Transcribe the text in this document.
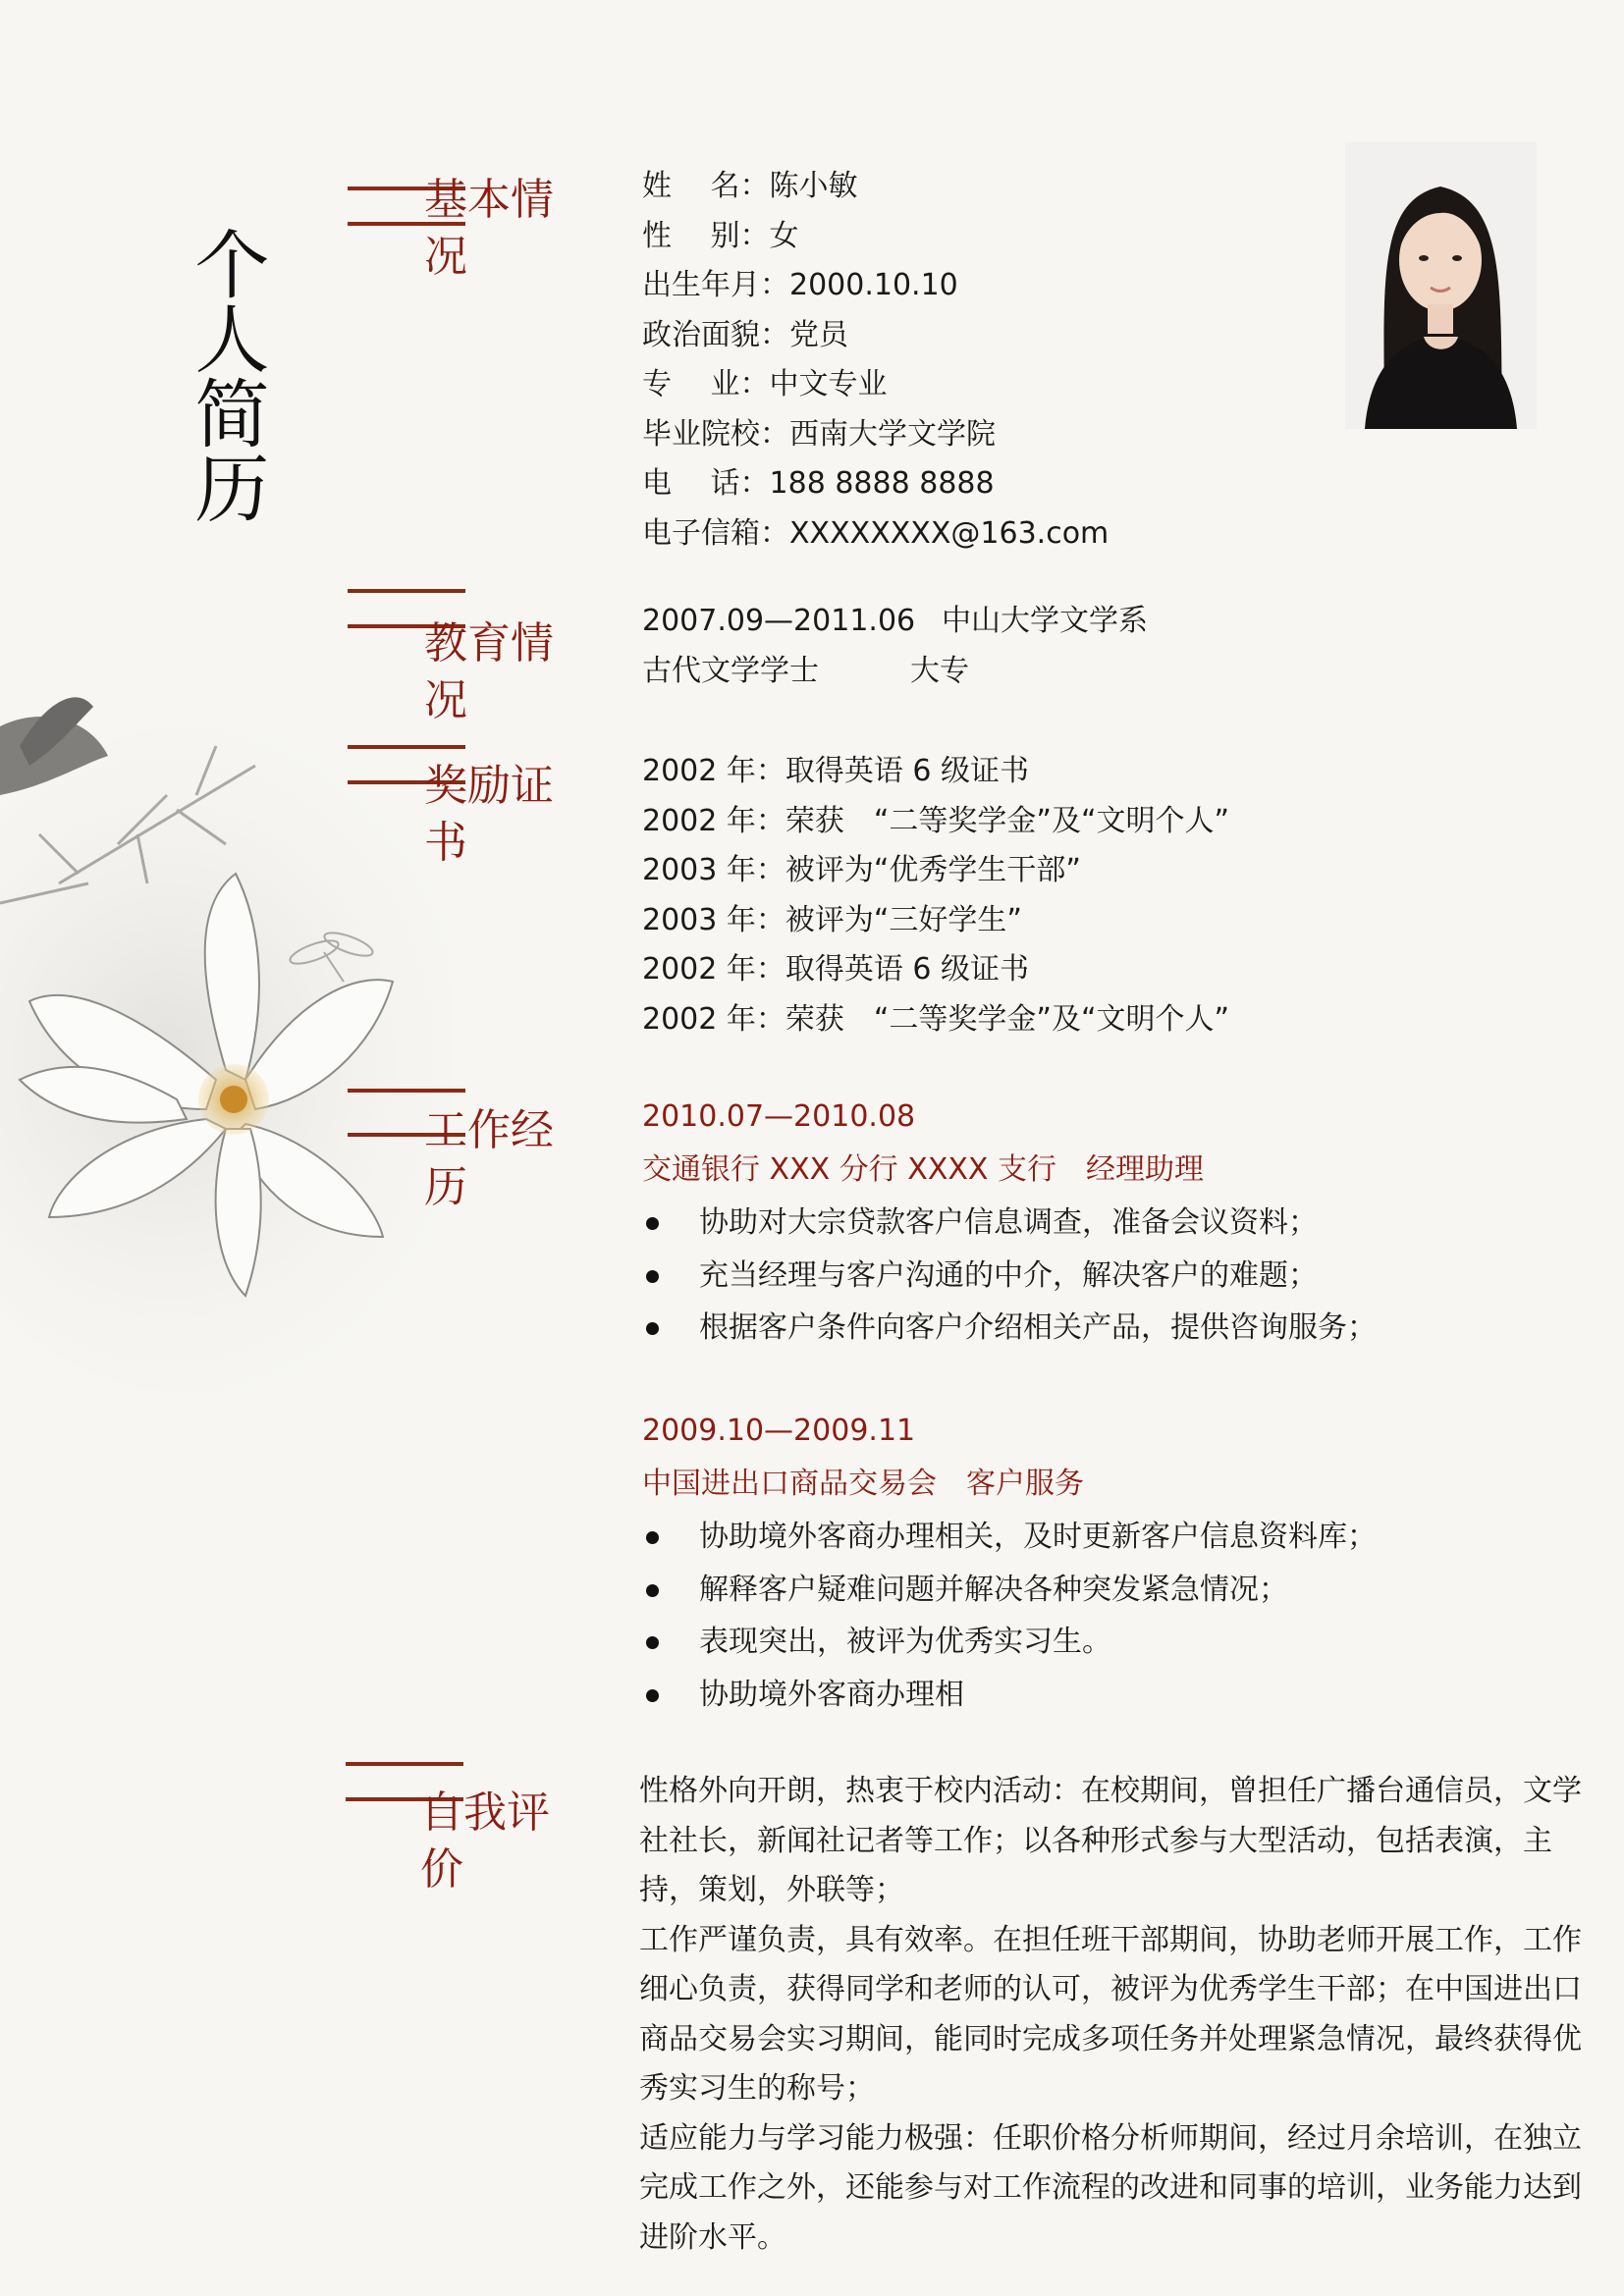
个人简历
基本情况
姓　 名：陈小敏
性　 别：女
出生年月：2000.10.10
政治面貌：党员
专　 业：中文专业
毕业院校：西南大学文学院
电　 话：188 8888 8888
电子信箱：XXXXXXXX@163.com
教育情况
2007.09—2011.06 中山大学文学系
古代文学学士	大专
奖励证书
2002 年：取得英语 6 级证书
2002 年：荣获　“二等奖学金”及“文明个人”
2003 年：被评为“优秀学生干部”
2003 年：被评为“三好学生”
2002 年：取得英语 6 级证书
2002 年：荣获　“二等奖学金”及“文明个人”
工作经历
2010.07—2010.08
交通银行 XXX 分行 XXXX 支行　经理助理
协助对大宗贷款客户信息调查，准备会议资料；
充当经理与客户沟通的中介，解决客户的难题；
根据客户条件向客户介绍相关产品，提供咨询服务；
2009.10—2009.11
中国进出口商品交易会　客户服务
协助境外客商办理相关，及时更新客户信息资料库；
解释客户疑难问题并解决各种突发紧急情况；
表现突出，被评为优秀实习生。
协助境外客商办理相
自我评价
性格外向开朗，热衷于校内活动：在校期间，曾担任广播台通信员，文学社社长，新闻社记者等工作；以各种形式参与大型活动，包括表演，主持，策划，外联等；
工作严谨负责，具有效率。在担任班干部期间，协助老师开展工作，工作细心负责，获得同学和老师的认可，被评为优秀学生干部；在中国进出口商品交易会实习期间，能同时完成多项任务并处理紧急情况，最终获得优秀实习生的称号；
适应能力与学习能力极强：任职价格分析师期间，经过月余培训，在独立完成工作之外，还能参与对工作流程的改进和同事的培训，业务能力达到进阶水平。
